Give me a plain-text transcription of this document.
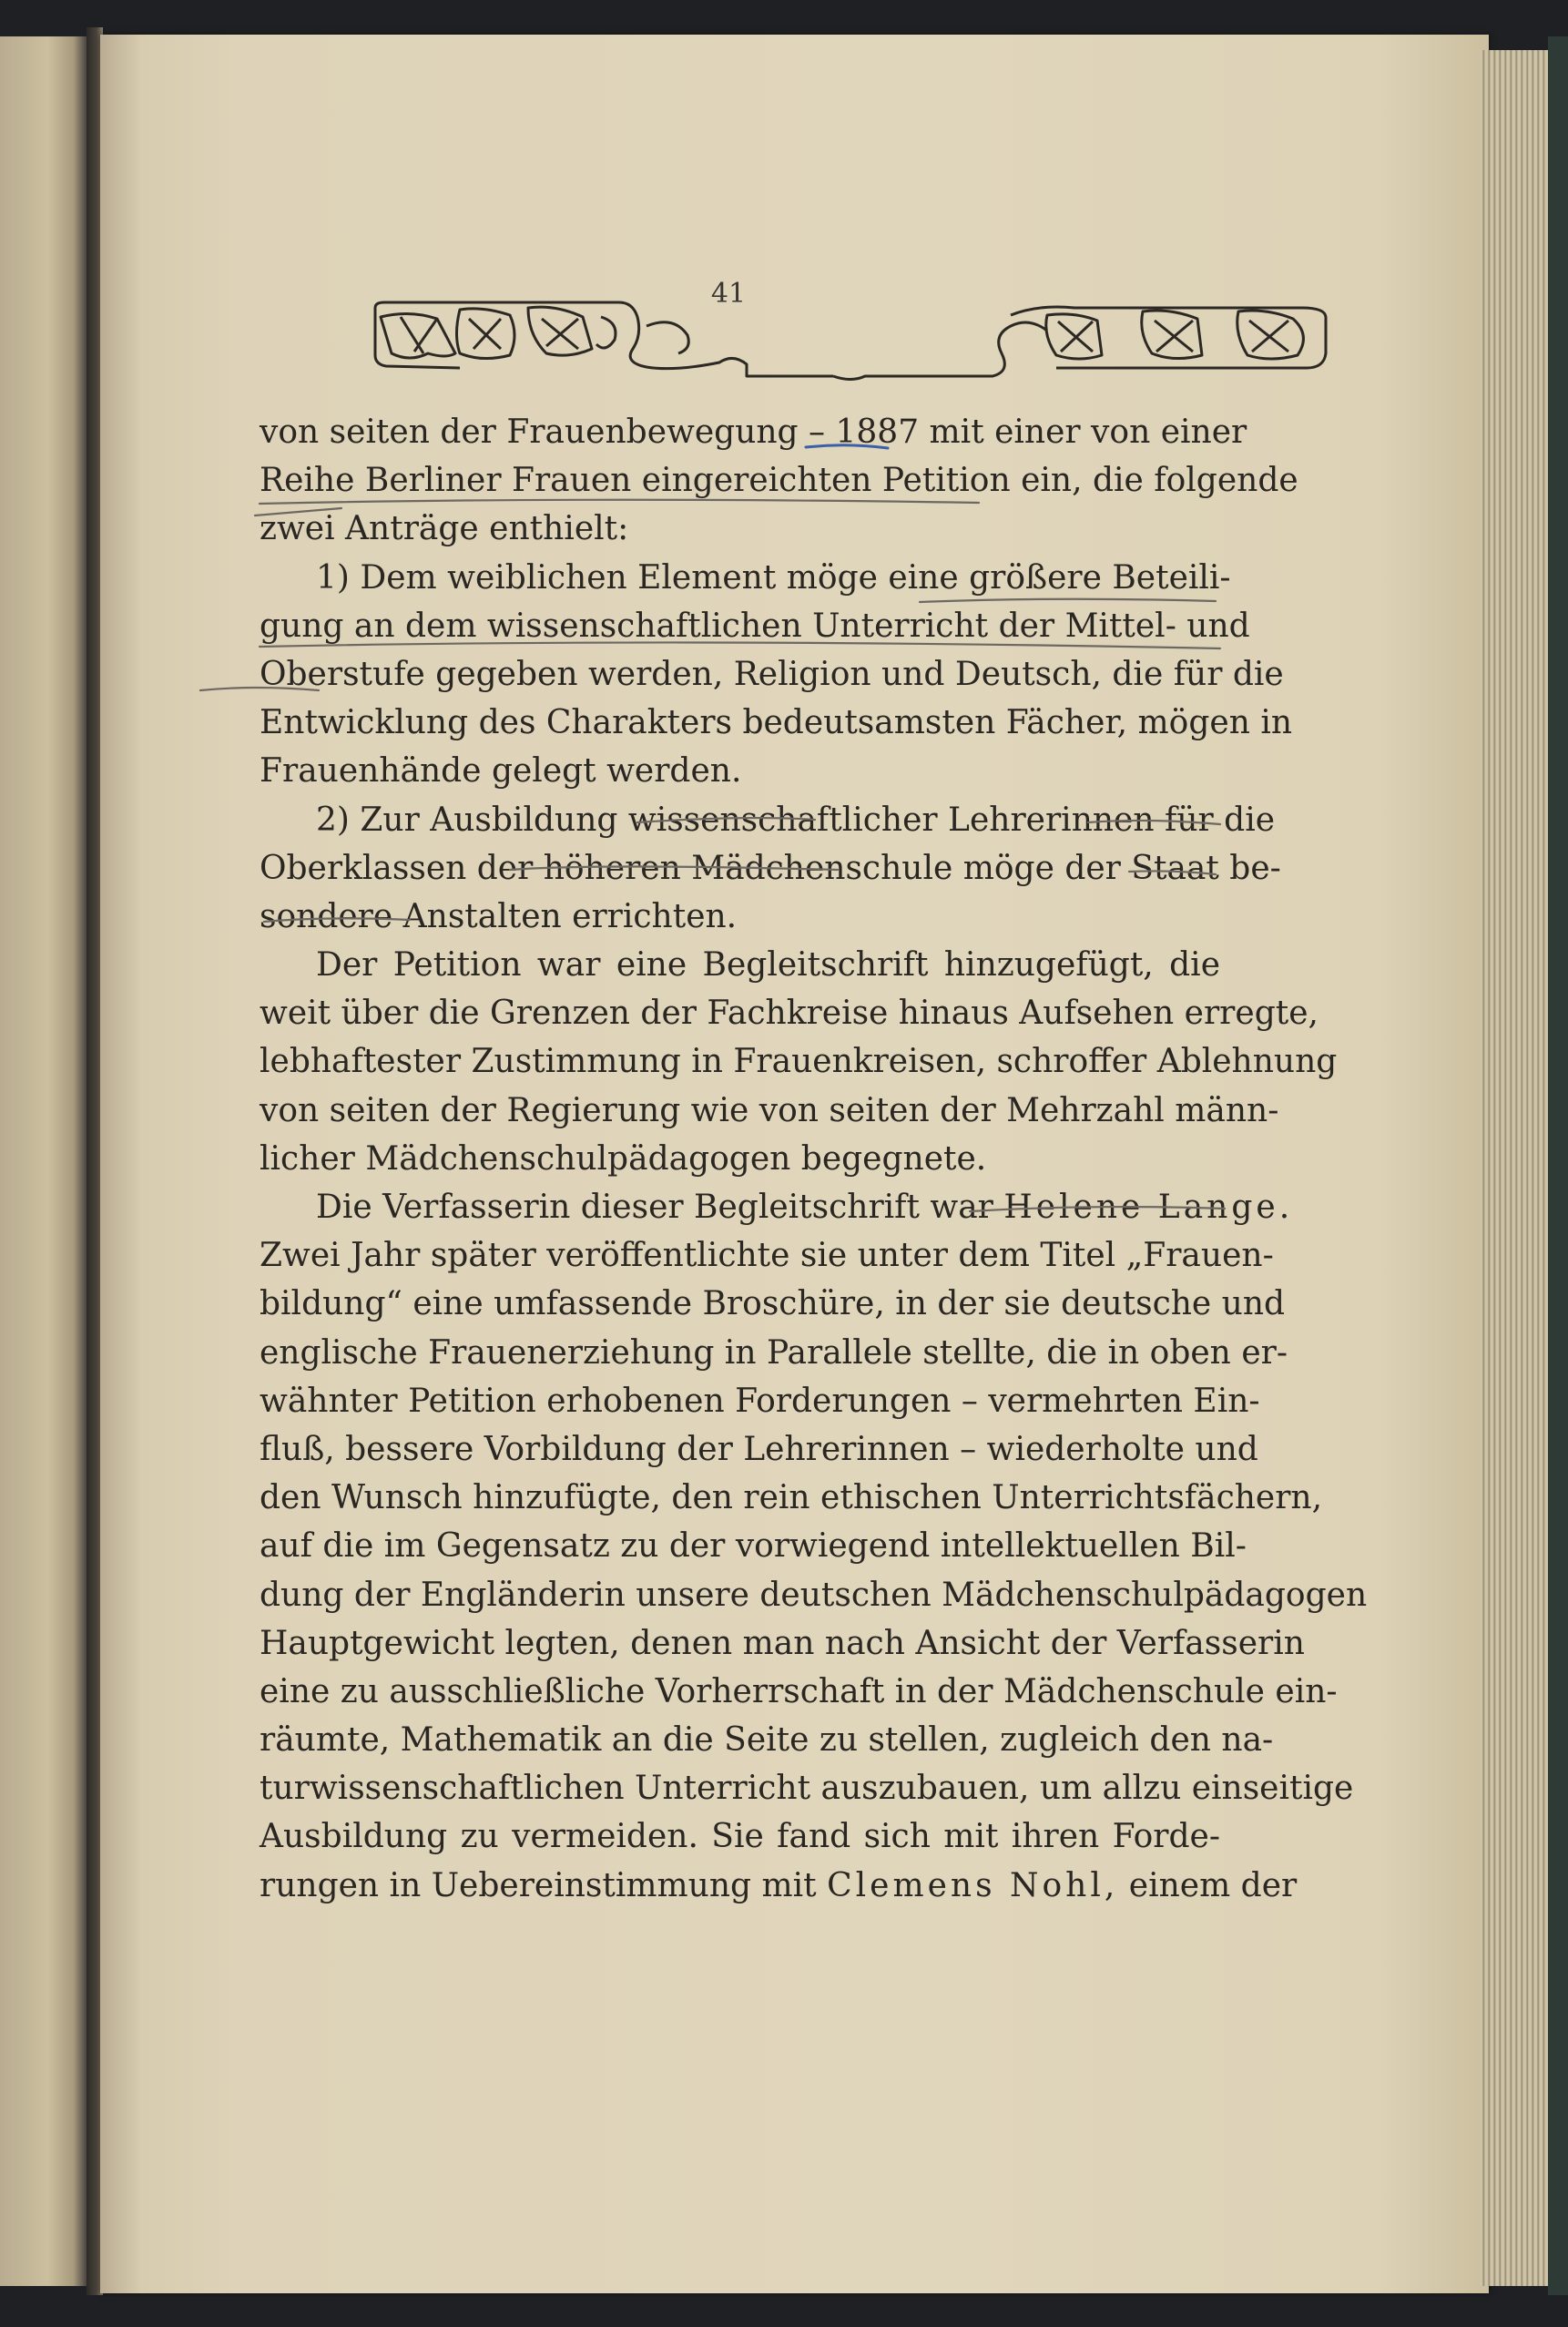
41
von seiten der Frauenbewegung – 1887 mit einer von einer
Reihe Berliner Frauen eingereichten Petition ein, die folgende
zwei Anträge enthielt:
1) Dem weiblichen Element möge eine größere Beteili-
gung an dem wissenschaftlichen Unterricht der Mittel- und
Oberstufe gegeben werden, Religion und Deutsch, die für die
Entwicklung des Charakters bedeutsamsten Fächer, mögen in
Frauenhände gelegt werden.
2) Zur Ausbildung wissenschaftlicher Lehrerinnen für die
Oberklassen der höheren Mädchenschule möge der Staat be-
sondere Anstalten errichten.
Der Petition war eine Begleitschrift hinzugefügt, die
weit über die Grenzen der Fachkreise hinaus Aufsehen erregte,
lebhaftester Zustimmung in Frauenkreisen, schroffer Ablehnung
von seiten der Regierung wie von seiten der Mehrzahl männ-
licher Mädchenschulpädagogen begegnete.
Die Verfasserin dieser Begleitschrift war Helene Lange.
Zwei Jahr später veröffentlichte sie unter dem Titel „Frauen-
bildung“ eine umfassende Broschüre, in der sie deutsche und
englische Frauenerziehung in Parallele stellte, die in oben er-
wähnter Petition erhobenen Forderungen – vermehrten Ein-
fluß, bessere Vorbildung der Lehrerinnen – wiederholte und
den Wunsch hinzufügte, den rein ethischen Unterrichtsfächern,
auf die im Gegensatz zu der vorwiegend intellektuellen Bil-
dung der Engländerin unsere deutschen Mädchenschulpädagogen
Hauptgewicht legten, denen man nach Ansicht der Verfasserin
eine zu ausschließliche Vorherrschaft in der Mädchenschule ein-
räumte, Mathematik an die Seite zu stellen, zugleich den na-
turwissenschaftlichen Unterricht auszubauen, um allzu einseitige
Ausbildung zu vermeiden. Sie fand sich mit ihren Forde-
rungen in Uebereinstimmung mit Clemens Nohl, einem der
